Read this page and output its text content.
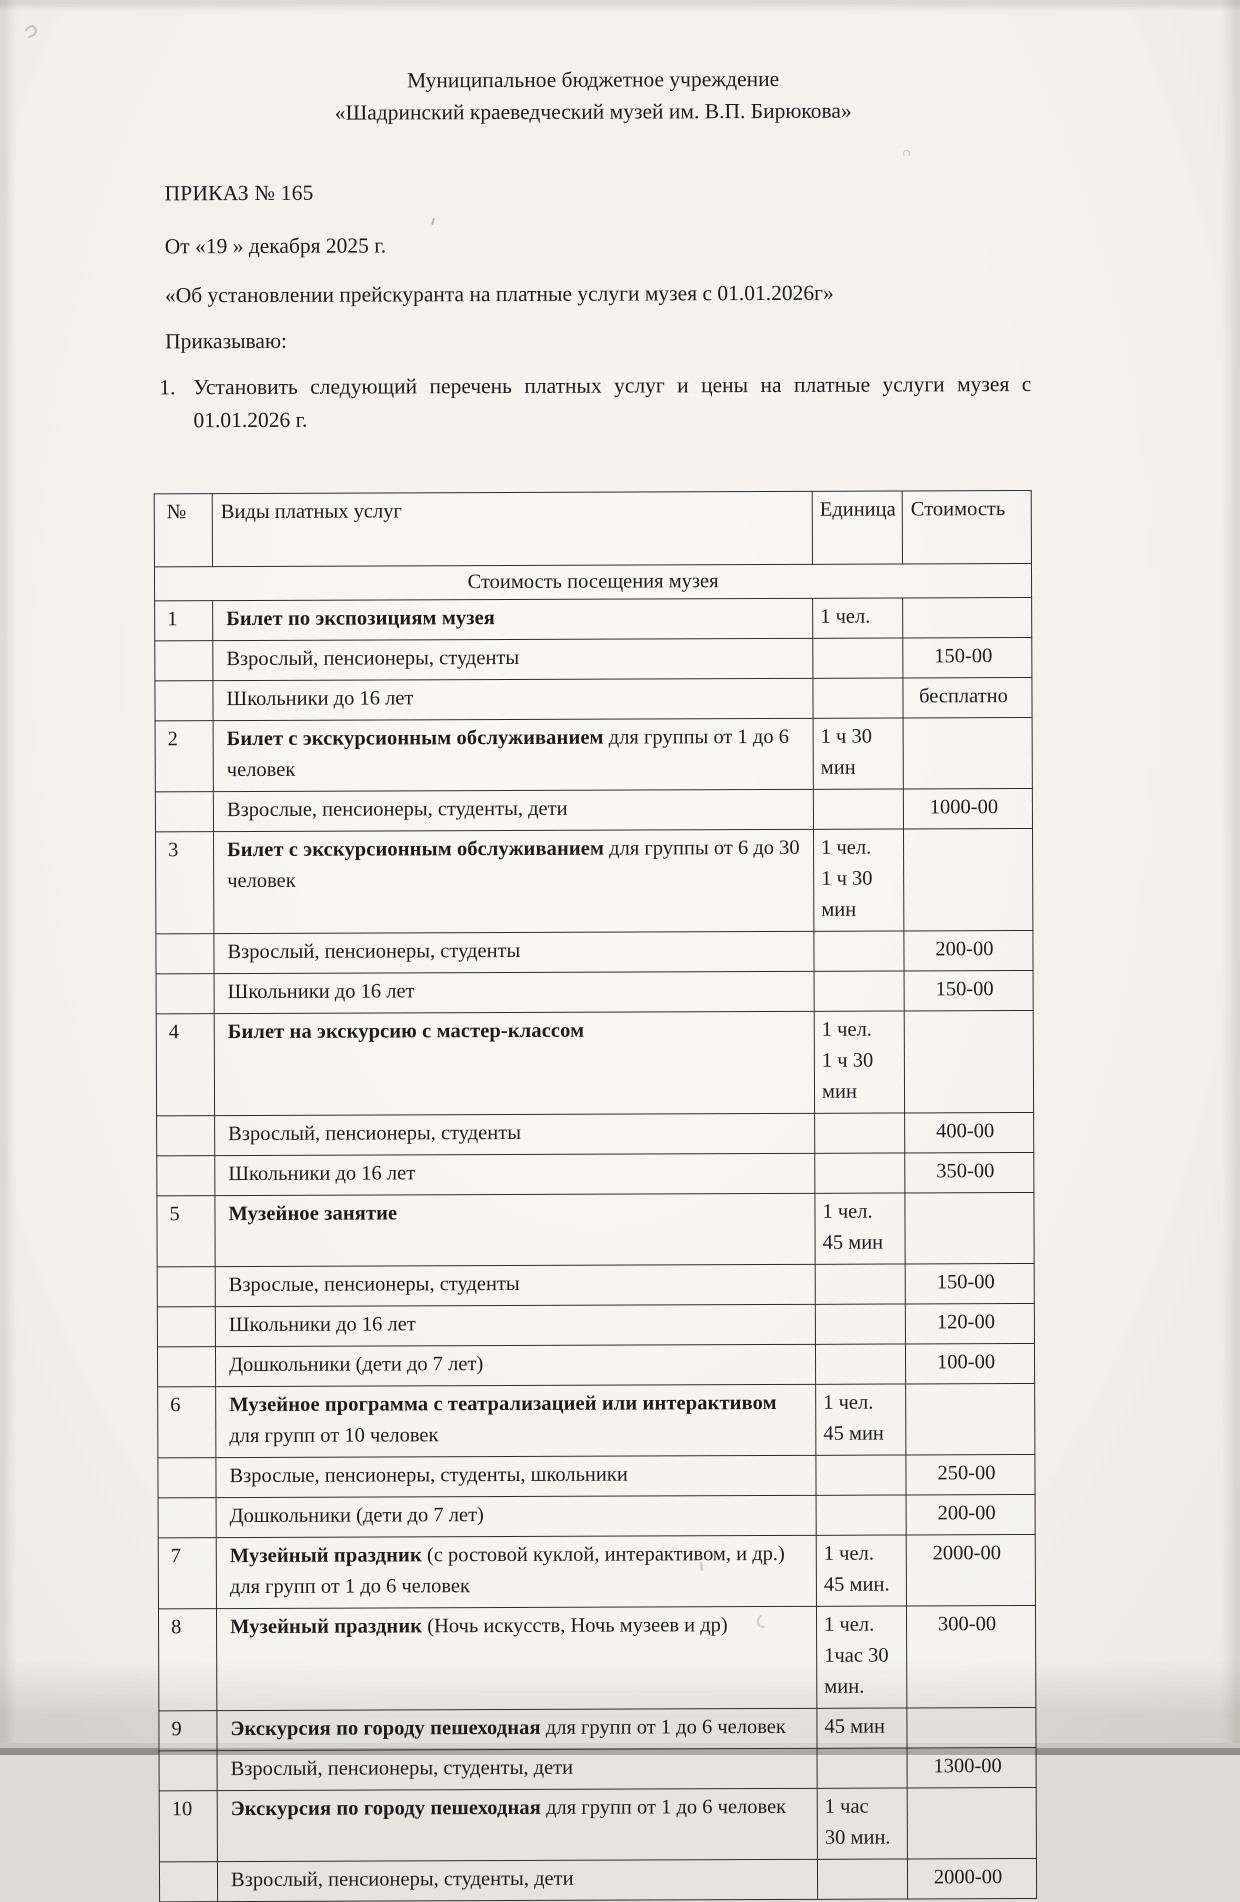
Муниципальное бюджетное учреждение
«Шадринский краеведческий музей им. В.П. Бирюкова»
ПРИКАЗ № 165
От «19 » декабря 2025 г.
«Об установлении прейскуранта на платные услуги музея с 01.01.2026г»
Приказываю:
1. Установить следующий перечень платных услуг и цены на платные услуги музея с 01.01.2026 г.
№	Виды платных услуг	Единица	Стоимость
Стоимость посещения музея			
1	Билет по экспозициям музея	1 чел.	
	Взрослый, пенсионеры, студенты		150-00
	Школьники до 16 лет		бесплатно
2	Билет с экскурсионным обслуживанием для группы от 1 до 6 человек	1 ч 30
мин	
	Взрослые, пенсионеры, студенты, дети		1000-00
3	Билет с экскурсионным обслуживанием для группы от 6 до 30 человек	1 чел.
1 ч 30
мин	
	Взрослый, пенсионеры, студенты		200-00
	Школьники до 16 лет		150-00
4	Билет на экскурсию с мастер-классом	1 чел.
1 ч 30
мин	
	Взрослый, пенсионеры, студенты		400-00
	Школьники до 16 лет		350-00
5	Музейное занятие	1 чел.
45 мин	
	Взрослые, пенсионеры, студенты		150-00
	Школьники до 16 лет		120-00
	Дошкольники (дети до 7 лет)		100-00
6	Музейное программа с театрализацией или интерактивом для групп от 10 человек	1 чел.
45 мин	
	Взрослые, пенсионеры, студенты, школьники		250-00
	Дошкольники (дети до 7 лет)		200-00
7	Музейный праздник (с ростовой куклой, интерактивом, и др.) для групп от 1 до 6 человек	1 чел.
45 мин.	2000-00
8	Музейный праздник (Ночь искусств, Ночь музеев и др)	1 чел.
1час 30
мин.	300-00
9	Экскурсия по городу пешеходная для групп от 1 до 6 человек	45 мин	
	Взрослый, пенсионеры, студенты, дети		1300-00
10	Экскурсия по городу пешеходная для групп от 1 до 6 человек	1 час
30 мин.	
	Взрослый, пенсионеры, студенты, дети		2000-00
